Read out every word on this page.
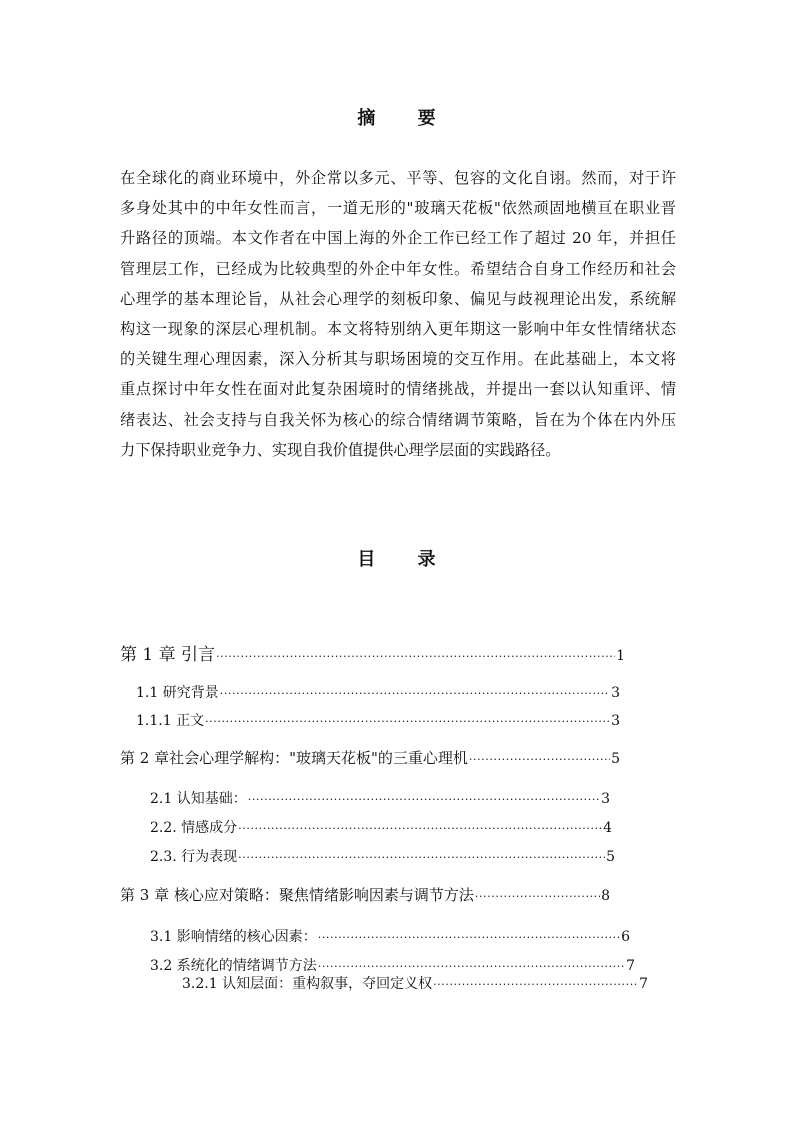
摘 要
在全球化的商业环境中，外企常以多元、平等、包容的文化自诩。然而，对于许
多身处其中的中年女性而言，一道无形的"玻璃天花板"依然顽固地横亘在职业晋
升路径的顶端。本文作者在中国上海的外企工作已经工作了超过 20 年，并担任
管理层工作，已经成为比较典型的外企中年女性。希望结合自身工作经历和社会
心理学的基本理论旨，从社会心理学的刻板印象、偏见与歧视理论出发，系统解
构这一现象的深层心理机制。本文将特别纳入更年期这一影响中年女性情绪状态
的关键生理心理因素，深入分析其与职场困境的交互作用。在此基础上，本文将
重点探讨中年女性在面对此复杂困境时的情绪挑战，并提出一套以认知重评、情
绪表达、社会支持与自我关怀为核心的综合情绪调节策略，旨在为个体在内外压
力下保持职业竞争力、实现自我价值提供心理学层面的实践路径。
目 录
第 1 章 引言 ·····	1
1.1 研究背景 ·····	3
1.1.1 正文 ·····	3
第 2 章社会心理学解构："玻璃天花板"的三重心理机 ·····	5
2.1 认知基础： ·····	3
2.2. 情感成分 ·····	4
2.3. 行为表现 ·····	5
第 3 章 核心应对策略：聚焦情绪影响因素与调节方法 ·····	8
3.1 影响情绪的核心因素： ·····	6
3.2 系统化的情绪调节方法 ·····	7
3.2.1 认知层面：重构叙事，夺回定义权 ·····	7
